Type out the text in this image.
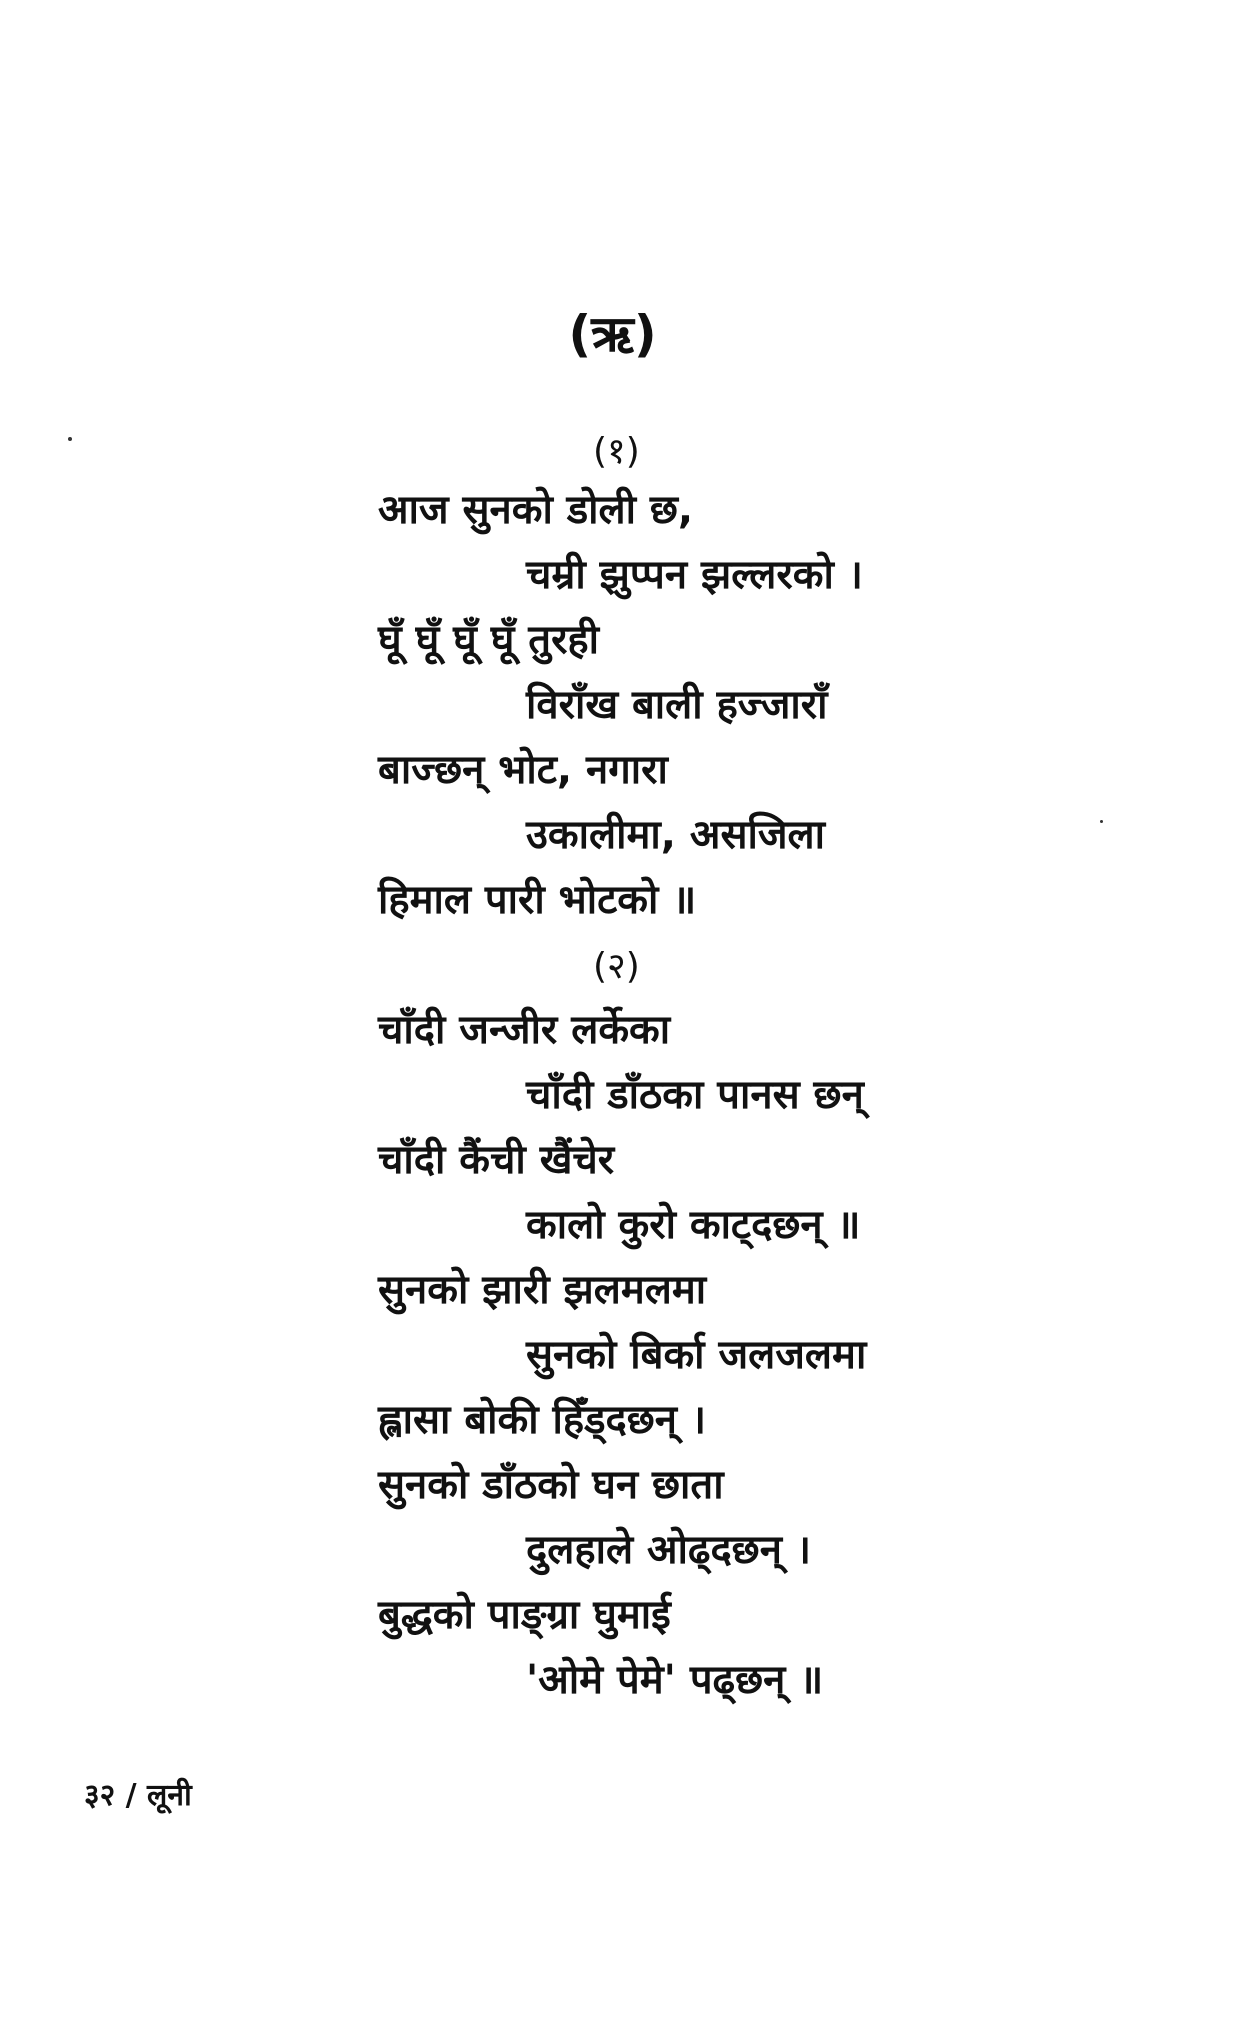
(ऋ)
(१)
आज सुनको डोली छ,
चम्री झुप्पन झल्लरको ।
घूँ घूँ घूँ घूँ तुरही
विराँख बाली हज्जाराँ
बाज्छन् भोट, नगारा
उकालीमा, असजिला
हिमाल पारी भोटको ॥
(२)
चाँदी जन्जीर लर्केका
चाँदी डाँठका पानस छन्
चाँदी कैंची खैंचेर
कालो कुरो काट्दछन् ॥
सुनको झारी झलमलमा
सुनको बिर्का जलजलमा
ह्लासा बोकी हिँड्दछन् ।
सुनको डाँठको घन छाता
दुलहाले ओढ्दछन् ।
बुद्धको पाङ्ग्रा घुमाई
'ओमे पेमे' पढ्छन् ॥
३२ / लूनी
